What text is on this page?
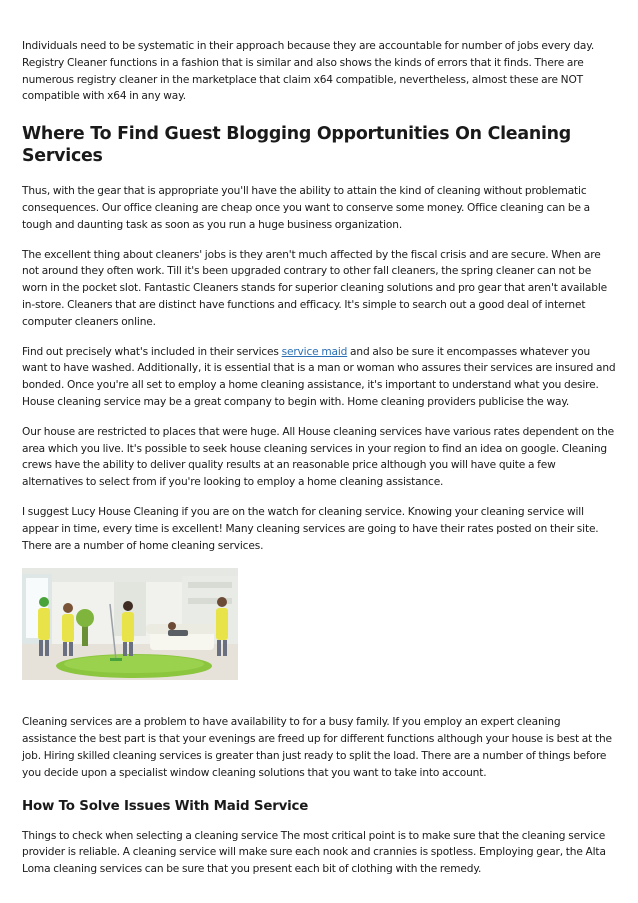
Individuals need to be systematic in their approach because they are accountable for number of jobs every day. Registry Cleaner functions in a fashion that is similar and also shows the kinds of errors that it finds. There are numerous registry cleaner in the marketplace that claim x64 compatible, nevertheless, almost these are NOT compatible with x64 in any way.

Where To Find Guest Blogging Opportunities On Cleaning Services

Thus, with the gear that is appropriate you'll have the ability to attain the kind of cleaning without problematic consequences. Our office cleaning are cheap once you want to conserve some money. Office cleaning can be a tough and daunting task as soon as you run a huge business organization.

The excellent thing about cleaners' jobs is they aren't much affected by the fiscal crisis and are secure. When are not around they often work. Till it's been upgraded contrary to other fall cleaners, the spring cleaner can not be worn in the pocket slot. Fantastic Cleaners stands for superior cleaning solutions and pro gear that aren't available in-store. Cleaners that are distinct have functions and efficacy. It's simple to search out a good deal of internet computer cleaners online.

Find out precisely what's included in their services service maid and also be sure it encompasses whatever you want to have washed. Additionally, it is essential that is a man or woman who assures their services are insured and bonded. Once you're all set to employ a home cleaning assistance, it's important to understand what you desire. House cleaning service may be a great company to begin with. Home cleaning providers publicise the way.

Our house are restricted to places that were huge. All House cleaning services have various rates dependent on the area which you live. It's possible to seek house cleaning services in your region to find an idea on google. Cleaning crews have the ability to deliver quality results at an reasonable price although you will have quite a few alternatives to select from if you're looking to employ a home cleaning assistance.

I suggest Lucy House Cleaning if you are on the watch for cleaning service. Knowing your cleaning service will appear in time, every time is excellent! Many cleaning services are going to have their rates posted on their site. There are a number of home cleaning services.

Cleaning services are a problem to have availability to for a busy family. If you employ an expert cleaning assistance the best part is that your evenings are freed up for different functions although your house is best at the job. Hiring skilled cleaning services is greater than just ready to split the load. There are a number of things before you decide upon a specialist window cleaning solutions that you want to take into account.

How To Solve Issues With Maid Service

Things to check when selecting a cleaning service The most critical point is to make sure that the cleaning service provider is reliable. A cleaning service will make sure each nook and crannies is spotless. Employing gear, the Alta Loma cleaning services can be sure that you present each bit of clothing with the remedy.
